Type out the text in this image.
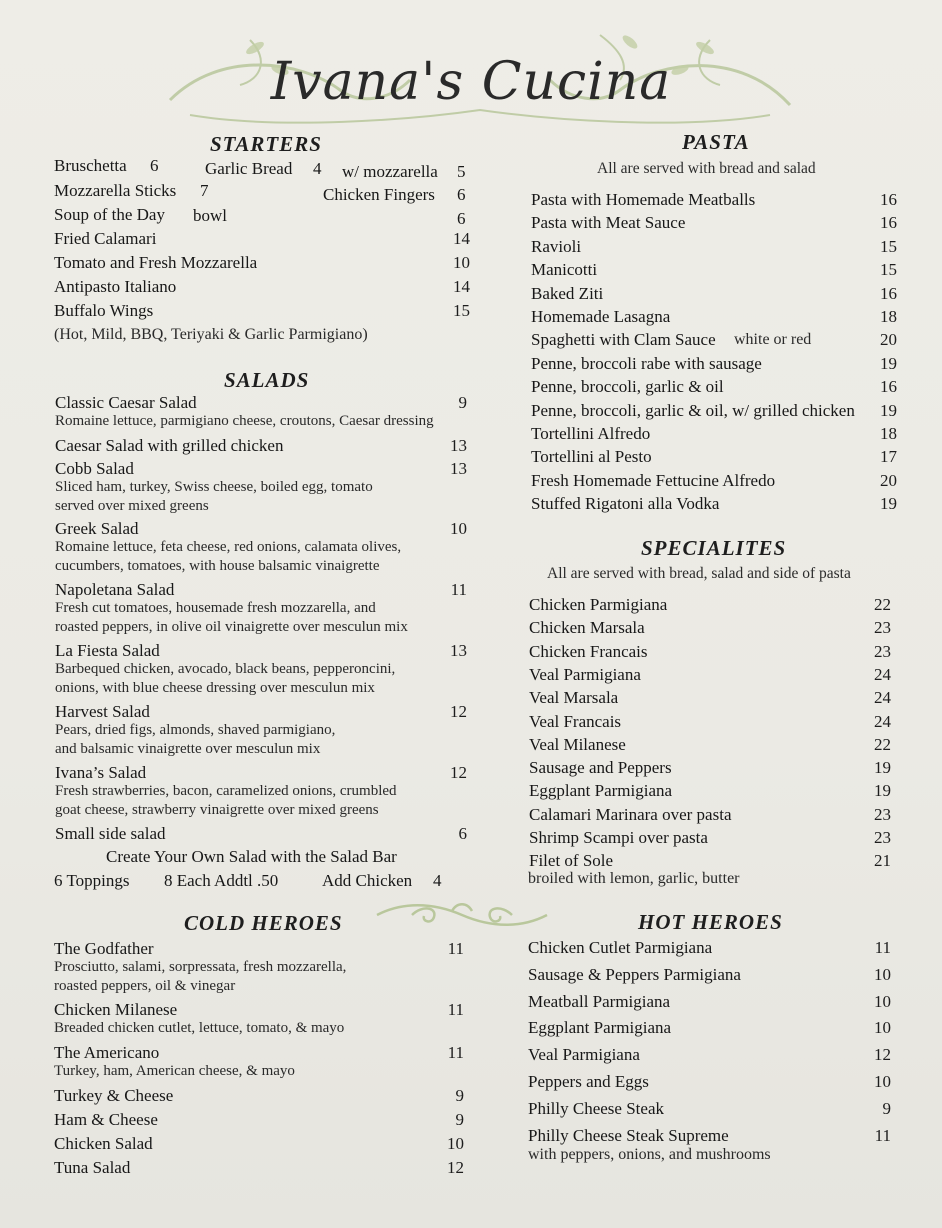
Ivana's Cucina
STARTERS
Bruschetta 6	Garlic Bread 4 w/ mozzarella 5
Mozzarella Sticks 7	Chicken Fingers 6
Soup of the Day bowl	6
Fried Calamari	14
Tomato and Fresh Mozzarella	10
Antipasto Italiano	14
Buffalo Wings	15
(Hot, Mild, BBQ, Teriyaki & Garlic Parmigiano)
SALADS
Classic Caesar Salad	9
Romaine lettuce, parmigiano cheese, croutons, Caesar dressing
Caesar Salad with grilled chicken	13
Cobb Salad	13
Sliced ham, turkey, Swiss cheese, boiled egg, tomato
served over mixed greens
Greek Salad	10
Romaine lettuce, feta cheese, red onions, calamata olives,
cucumbers, tomatoes, with house balsamic vinaigrette
Napoletana Salad	11
Fresh cut tomatoes, housemade fresh mozzarella, and
roasted peppers, in olive oil vinaigrette over mesculun mix
La Fiesta Salad	13
Barbequed chicken, avocado, black beans, pepperoncini,
onions, with blue cheese dressing over mesculun mix
Harvest Salad	12
Pears, dried figs, almonds, shaved parmigiano,
and balsamic vinaigrette over mesculun mix
Ivana’s Salad	12
Fresh strawberries, bacon, caramelized onions, crumbled
goat cheese, strawberry vinaigrette over mixed greens
Small side salad	6
Create Your Own Salad with the Salad Bar
6 Toppings 8 Each Addtl .50	Add Chicken 4
PASTA
All are served with bread and salad
Pasta with Homemade Meatballs	16
Pasta with Meat Sauce	16
Ravioli	15
Manicotti	15
Baked Ziti	16
Homemade Lasagna	18
Spaghetti with Clam Sauce white or red	20
Penne, broccoli rabe with sausage	19
Penne, broccoli, garlic & oil	16
Penne, broccoli, garlic & oil, w/ grilled chicken	19
Tortellini Alfredo	18
Tortellini al Pesto	17
Fresh Homemade Fettucine Alfredo	20
Stuffed Rigatoni alla Vodka	19
SPECIALITES
All are served with bread, salad and side of pasta
Chicken Parmigiana	22
Chicken Marsala	23
Chicken Francais	23
Veal Parmigiana	24
Veal Marsala	24
Veal Francais	24
Veal Milanese	22
Sausage and Peppers	19
Eggplant Parmigiana	19
Calamari Marinara over pasta	23
Shrimp Scampi over pasta	23
Filet of Sole	21
broiled with lemon, garlic, butter
COLD HEROES
The Godfather	11
Prosciutto, salami, sorpressata, fresh mozzarella,
roasted peppers, oil & vinegar
Chicken Milanese	11
Breaded chicken cutlet, lettuce, tomato, & mayo
The Americano	11
Turkey, ham, American cheese, & mayo
Turkey & Cheese	9
Ham & Cheese	9
Chicken Salad	10
Tuna Salad	12
HOT HEROES
Chicken Cutlet Parmigiana	11
Sausage & Peppers Parmigiana	10
Meatball Parmigiana	10
Eggplant Parmigiana	10
Veal Parmigiana	12
Peppers and Eggs	10
Philly Cheese Steak	9
Philly Cheese Steak Supreme	11
with peppers, onions, and mushrooms
